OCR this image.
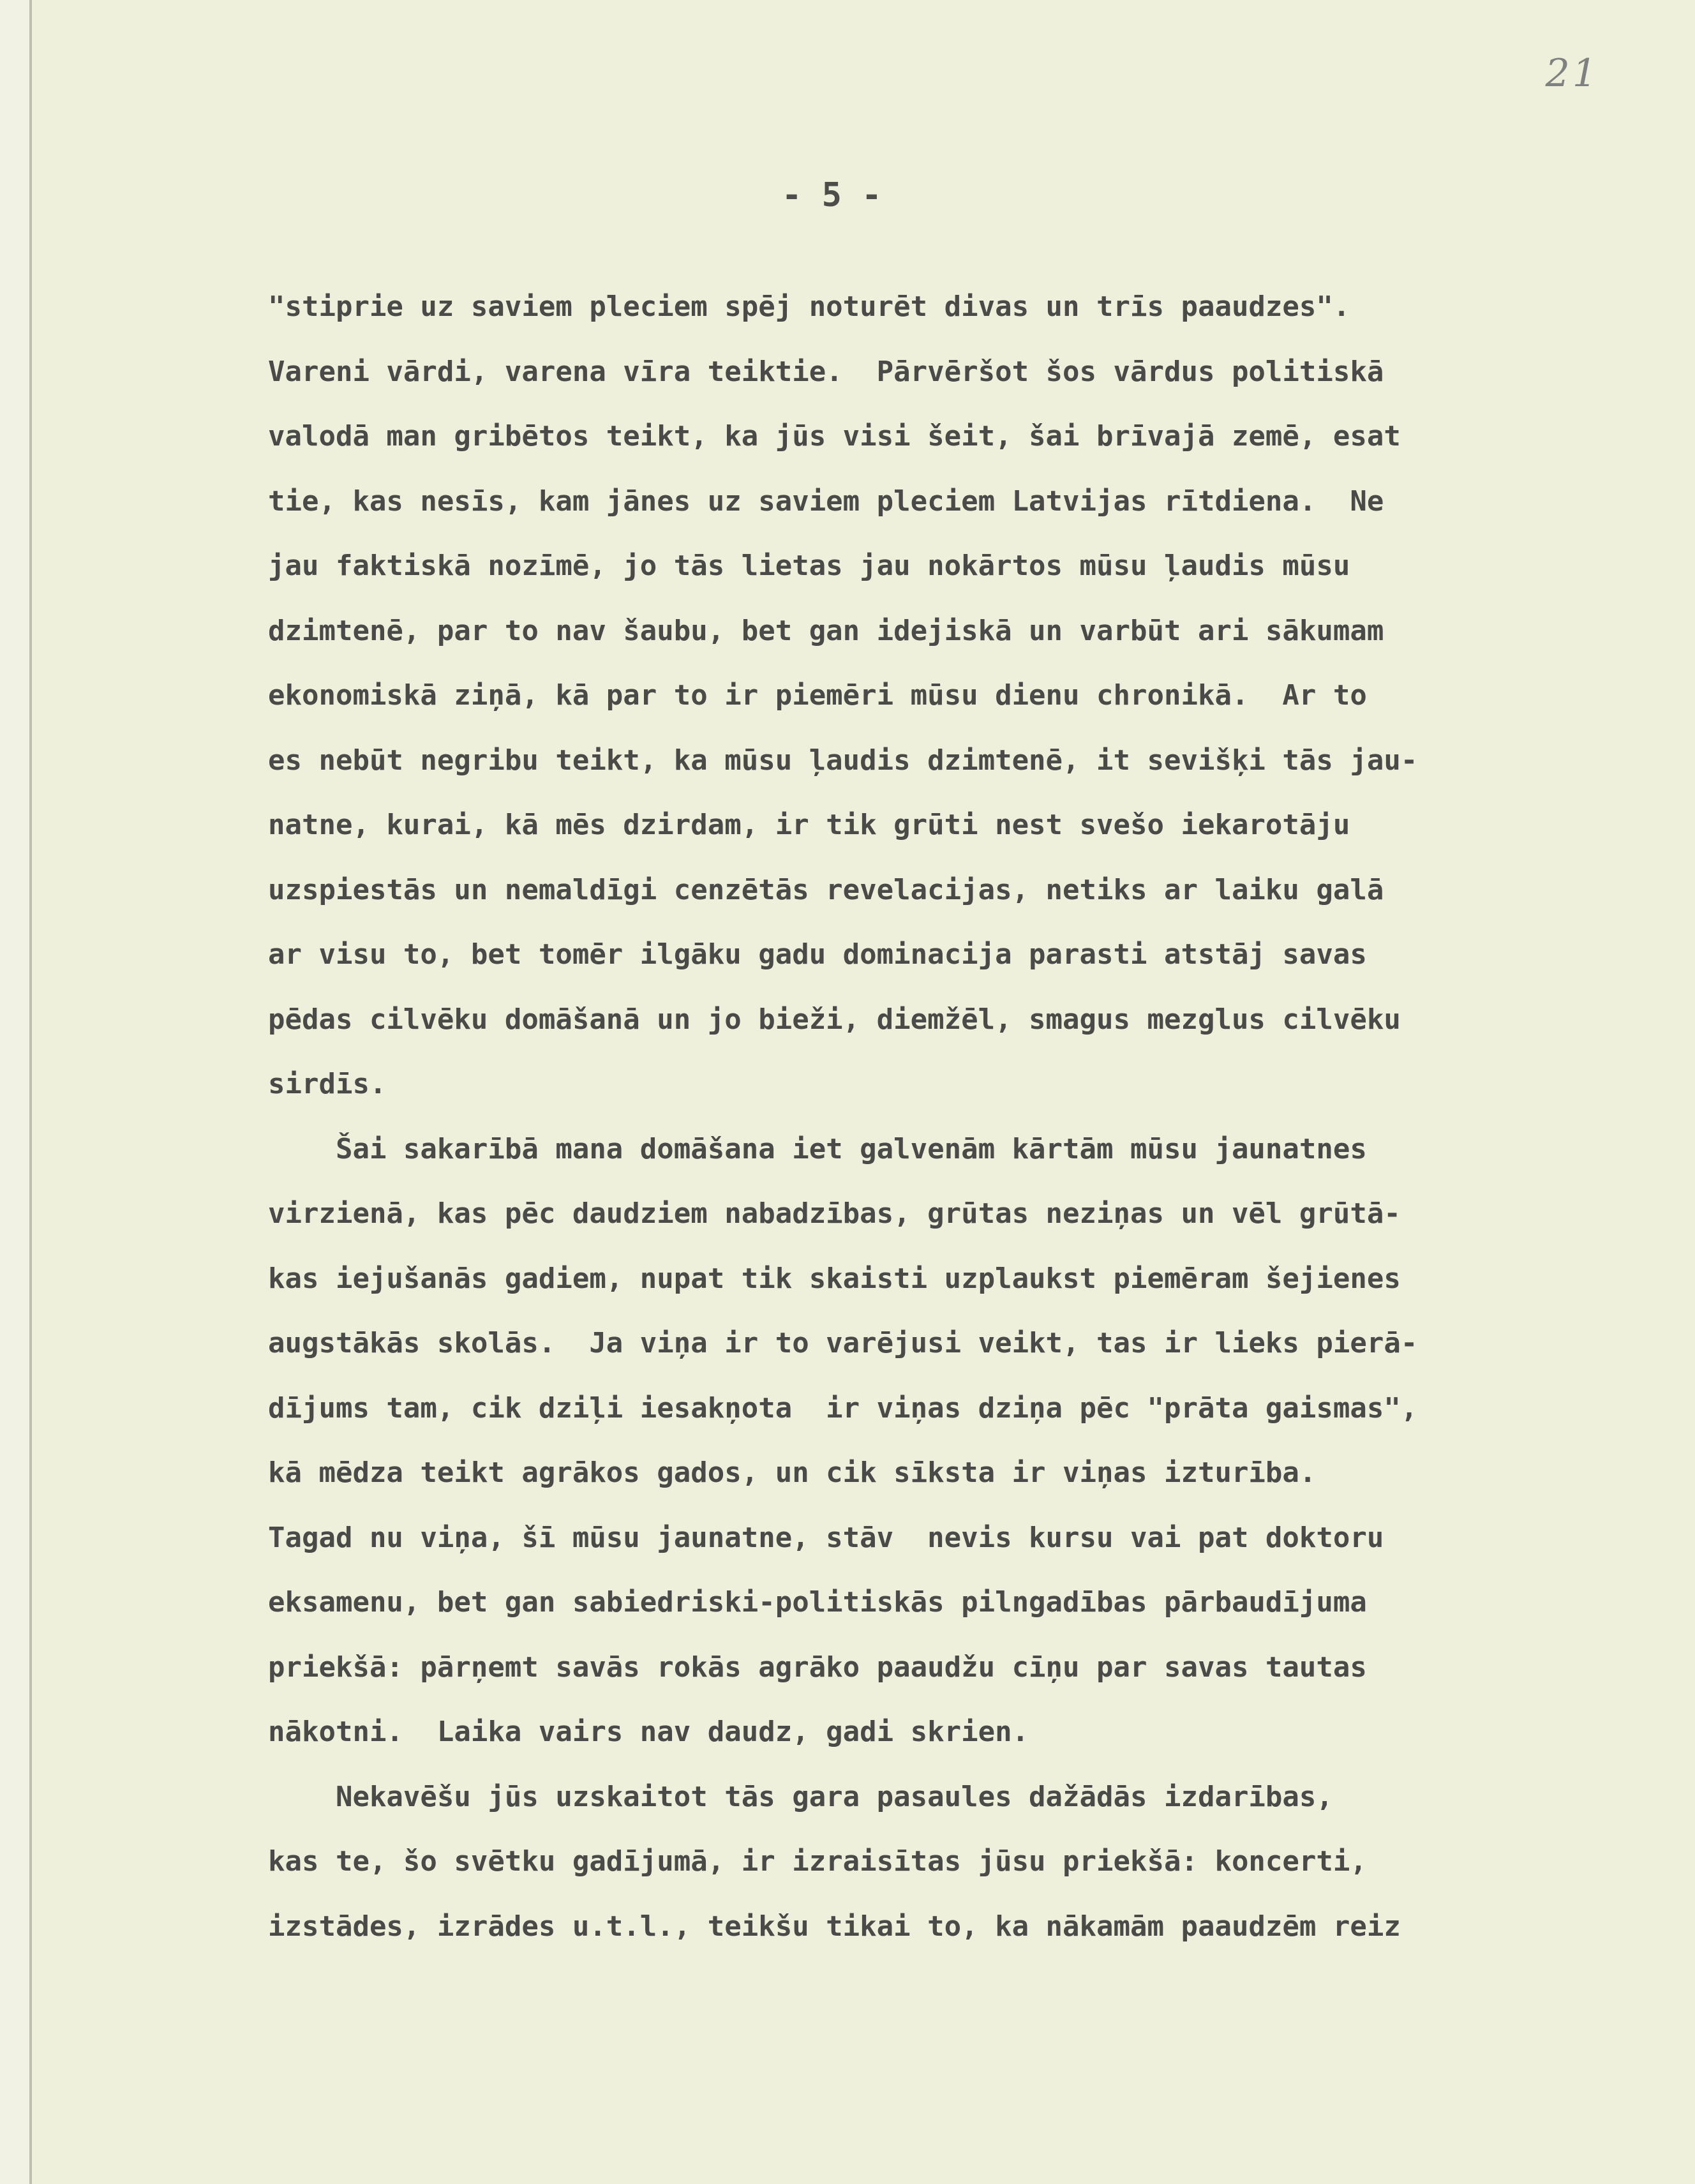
21
- 5 -
"stiprie uz saviem pleciem spēj noturēt divas un trīs paaudzes".
Vareni vārdi, varena vīra teiktie.  Pārvēršot šos vārdus politiskā
valodā man gribētos teikt, ka jūs visi šeit, šai brīvajā zemē, esat
tie, kas nesīs, kam jānes uz saviem pleciem Latvijas rītdiena.  Ne
jau faktiskā nozīmē, jo tās lietas jau nokārtos mūsu ļaudis mūsu
dzimtenē, par to nav šaubu, bet gan idejiskā un varbūt ari sākumam
ekonomiskā ziņā, kā par to ir piemēri mūsu dienu chronikā.  Ar to
es nebūt negribu teikt, ka mūsu ļaudis dzimtenē, it sevišķi tās jau-
natne, kurai, kā mēs dzirdam, ir tik grūti nest svešo iekarotāju
uzspiestās un nemaldīgi cenzētās revelacijas, netiks ar laiku galā
ar visu to, bet tomēr ilgāku gadu dominacija parasti atstāj savas
pēdas cilvēku domāšanā un jo bieži, diemžēl, smagus mezglus cilvēku
sirdīs.
Šai sakarībā mana domāšana iet galvenām kārtām mūsu jaunatnes
virzienā, kas pēc daudziem nabadzības, grūtas neziņas un vēl grūtā-
kas iejušanās gadiem, nupat tik skaisti uzplaukst piemēram šejienes
augstākās skolās.  Ja viņa ir to varējusi veikt, tas ir lieks pierā-
dījums tam, cik dziļi iesakņota  ir viņas dziņa pēc "prāta gaismas",
kā mēdza teikt agrākos gados, un cik sīksta ir viņas izturība.
Tagad nu viņa, šī mūsu jaunatne, stāv  nevis kursu vai pat doktoru
eksamenu, bet gan sabiedriski-politiskās pilngadības pārbaudījuma
priekšā: pārņemt savās rokās agrāko paaudžu cīņu par savas tautas
nākotni.  Laika vairs nav daudz, gadi skrien.
Nekavēšu jūs uzskaitot tās gara pasaules dažādās izdarības,
kas te, šo svētku gadījumā, ir izraisītas jūsu priekšā: koncerti,
izstādes, izrādes u.t.l., teikšu tikai to, ka nākamām paaudzēm reiz
